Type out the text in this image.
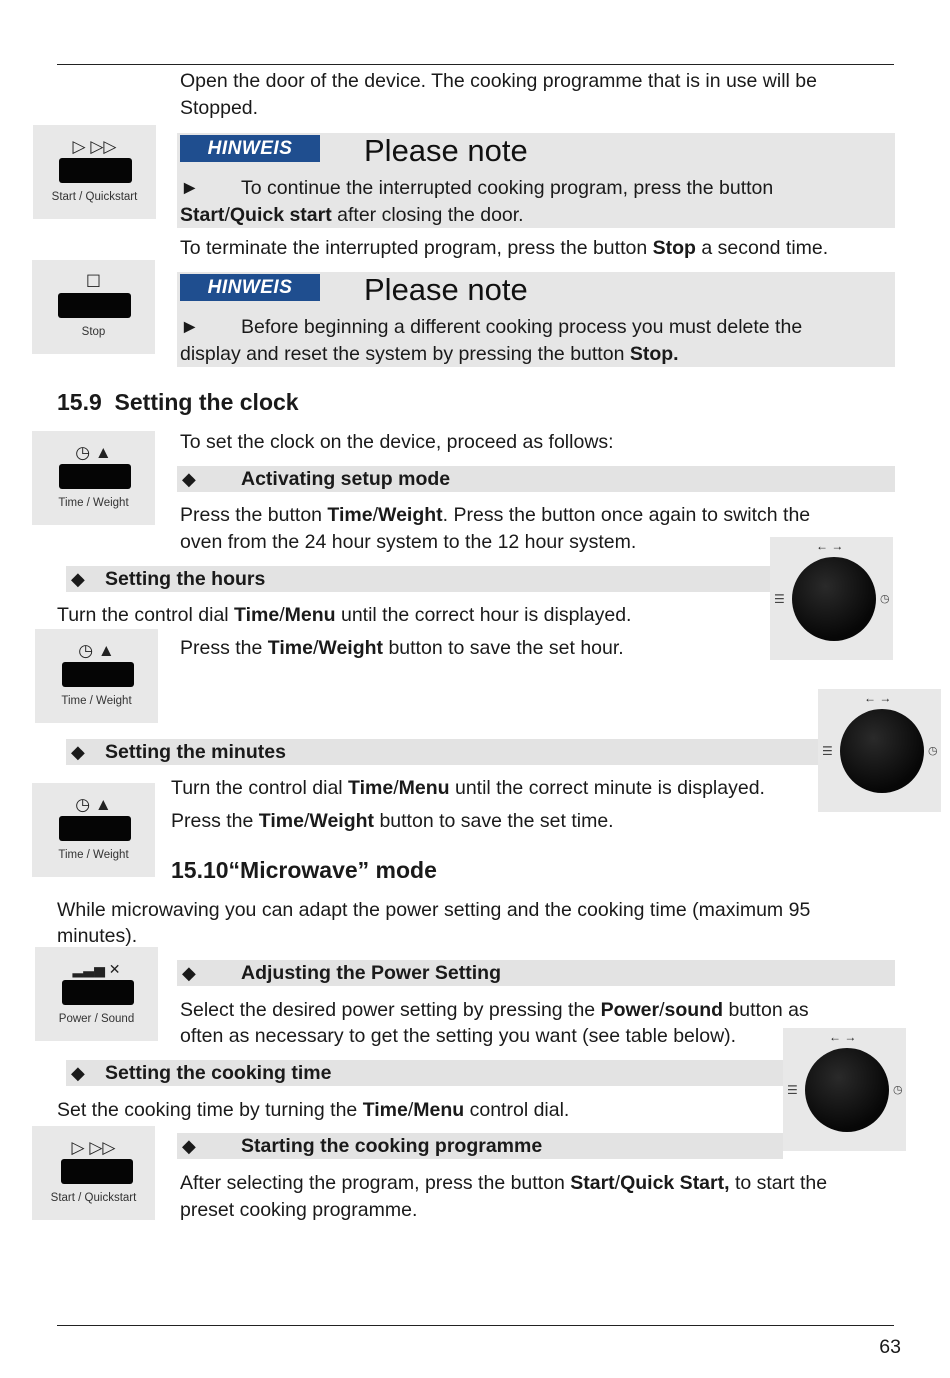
Open the door of the device. The cooking programme that is in use will be
Stopped.
▷ ▷▷
Start / Quickstart
HINWEIS	Please note
► To continue the interrupted cooking program, press the button
Start/Quick start after closing the door.
To terminate the interrupted program, press the button Stop a second time.
☐
Stop
HINWEIS	Please note
► Before beginning a different cooking process you must delete the
display and reset the system by pressing the button Stop.
15.9 Setting the clock
◷ ▲
Time / Weight
To set the clock on the device, proceed as follows:
◆ Activating setup mode
Press the button Time/Weight. Press the button once again to switch the
oven from the 24 hour system to the 12 hour system.	← →
☰	◷
◆ Setting the hours
Turn the control dial Time/Menu until the correct hour is displayed.
◷ ▲
Time / Weight
Press the Time/Weight button to save the set hour.
← →
☰	◷
◆ Setting the minutes
◷ ▲
Time / Weight
Turn the control dial Time/Menu until the correct minute is displayed.
Press the Time/Weight button to save the set time.
15.10“Microwave” mode
While microwaving you can adapt the power setting and the cooking time (maximum 95
minutes).
▂▃▅ ✕
Power / Sound
◆ Adjusting the Power Setting
Select the desired power setting by pressing the Power/sound button as
often as necessary to get the setting you want (see table below).	← →
☰	◷
◆ Setting the cooking time
Set the cooking time by turning the Time/Menu control dial.
▷ ▷▷
Start / Quickstart
◆ Starting the cooking programme
After selecting the program, press the button Start/Quick Start, to start the
preset cooking programme.
63
